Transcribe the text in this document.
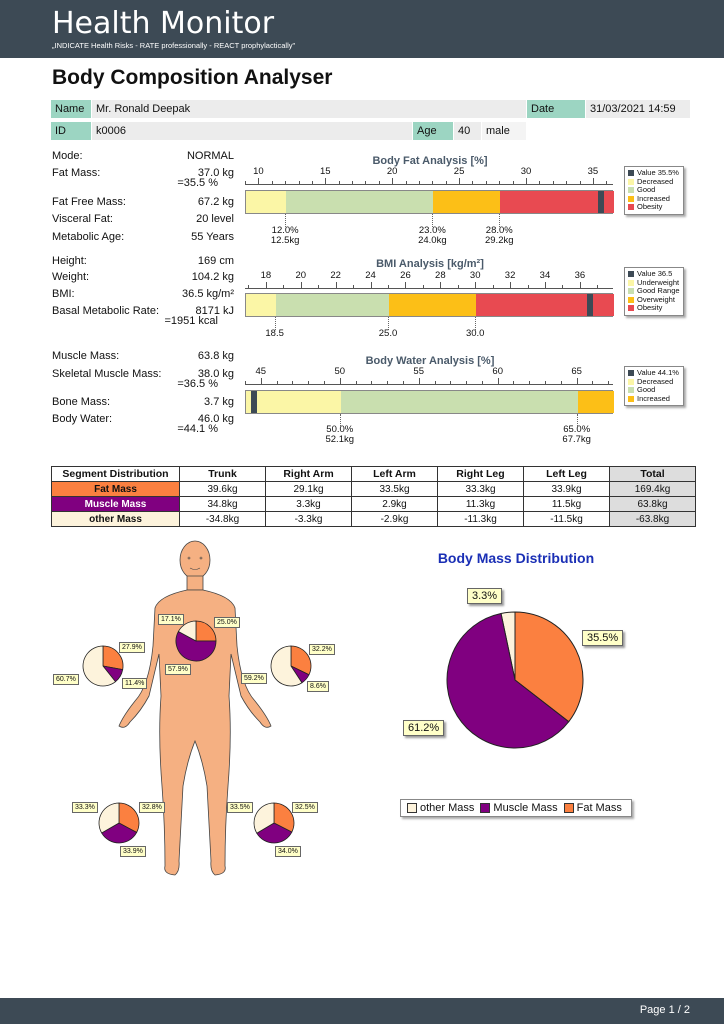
Health Monitor
„INDICATE Health Risks - RATE professionally - REACT prophylactically"
Body Composition Analyser
Name	Mr. Ronald Deepak	Date	31/03/2021 14:59
ID	k0006	Age	40	male
Mode:	NORMAL
Fat Mass:	37.0 kg
=35.5 %
Fat Free Mass:	67.2 kg
Visceral Fat:	20 level
Metabolic Age:	55 Years
Height:	169 cm
Weight:	104.2 kg
BMI:	36.5 kg/m²
Basal Metabolic Rate:	8171 kJ
=1951 kcal
Muscle Mass:	63.8 kg
Skeletal Muscle Mass:	38.0 kg
=36.5 %
Bone Mass:	3.7 kg
Body Water:	46.0 kg
=44.1 %
Body Fat Analysis [%]
10	15	20	25	30	35
12.0%
12.5kg
23.0%
24.0kg
28.0%
29.2kg
Value 35.5%
Decreased
Good
Increased
Obesity
BMI Analysis [kg/m²]
18	20	22	24	26	28	30	32	34	36
18.5	25.0	30.0
Value 36.5
Underweight
Good Range
Overweight
Obesity
Body Water Analysis [%]
45	50	55	60	65
50.0%
52.1kg
65.0%
67.7kg
Value 44.1%
Decreased
Good
Increased
Segment Distribution	Trunk	Right Arm	Left Arm	Right Leg	Left Leg	Total
Fat Mass	39.6kg	29.1kg	33.5kg	33.3kg	33.9kg	169.4kg
Muscle Mass	34.8kg	3.3kg	2.9kg	11.3kg	11.5kg	63.8kg
other Mass	-34.8kg	-3.3kg	-2.9kg	-11.3kg	-11.5kg	-63.8kg
17.1%	25.0%
57.9%
27.9%
60.7%
11.4%
32.2%
59.2%
8.6%
33.3%	32.8%
33.9%
33.5%	32.5%
34.0%
Body Mass Distribution
3.3%
61.2%
35.5%
other Mass Muscle Mass Fat Mass
Page 1 / 2
